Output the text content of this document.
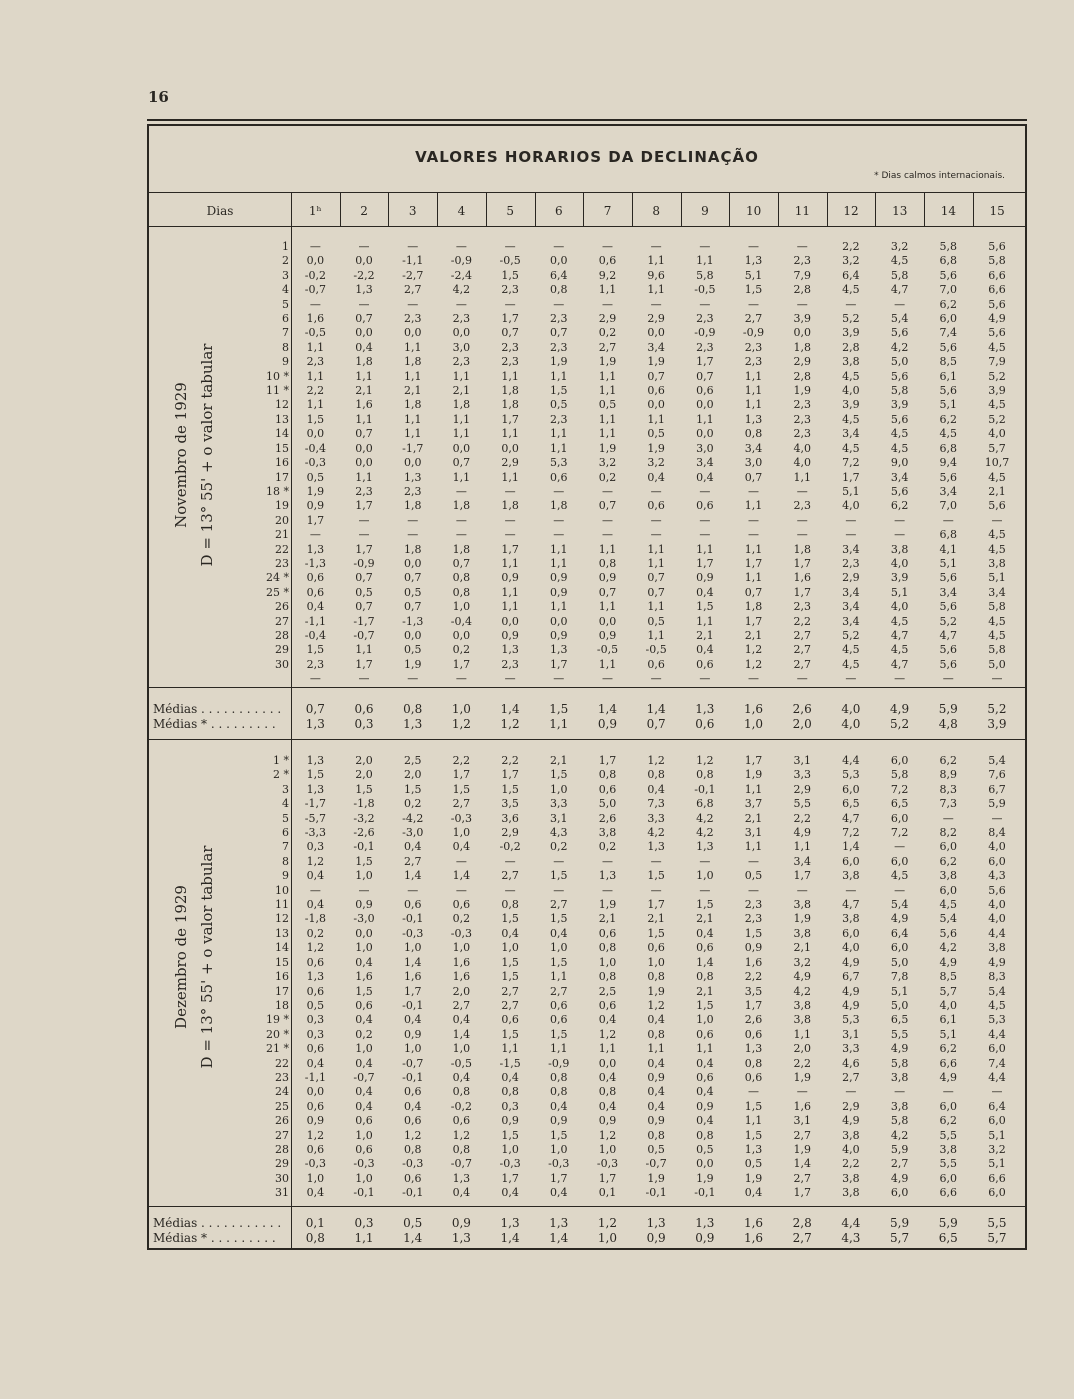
16
VALORES HORARIOS DA DECLINAÇÃO
* Dias calmos internacionais.
Dias	1ʰ	2	3	4	5	6	7	8	9	10	11	12	13	14	15
Novembro de 1929 D = 13° 55' + o valor tabular
Dezembro de 1929 D = 13° 55' + o valor tabular
1	—	—	—	—	—	—	—	—	—	—	—	2,2	3,2	5,8	5,6
2	0,0	0,0	-1,1	-0,9	-0,5	0,0	0,6	1,1	1,1	1,3	2,3	3,2	4,5	6,8	5,8
3	-0,2	-2,2	-2,7	-2,4	1,5	6,4	9,2	9,6	5,8	5,1	7,9	6,4	5,8	5,6	6,6
4	-0,7	1,3	2,7	4,2	2,3	0,8	1,1	1,1	-0,5	1,5	2,8	4,5	4,7	7,0	6,6
5	—	—	—	—	—	—	—	—	—	—	—	—	—	6,2	5,6
6	1,6	0,7	2,3	2,3	1,7	2,3	2,9	2,9	2,3	2,7	3,9	5,2	5,4	6,0	4,9
7	-0,5	0,0	0,0	0,0	0,7	0,7	0,2	0,0	-0,9	-0,9	0,0	3,9	5,6	7,4	5,6
8	1,1	0,4	1,1	3,0	2,3	2,3	2,7	3,4	2,3	2,3	1,8	2,8	4,2	5,6	4,5
9	2,3	1,8	1,8	2,3	2,3	1,9	1,9	1,9	1,7	2,3	2,9	3,8	5,0	8,5	7,9
10 *	1,1	1,1	1,1	1,1	1,1	1,1	1,1	0,7	0,7	1,1	2,8	4,5	5,6	6,1	5,2
11 *	2,2	2,1	2,1	2,1	1,8	1,5	1,1	0,6	0,6	1,1	1,9	4,0	5,8	5,6	3,9
12	1,1	1,6	1,8	1,8	1,8	0,5	0,5	0,0	0,0	1,1	2,3	3,9	3,9	5,1	4,5
13	1,5	1,1	1,1	1,1	1,7	2,3	1,1	1,1	1,1	1,3	2,3	4,5	5,6	6,2	5,2
14	0,0	0,7	1,1	1,1	1,1	1,1	1,1	0,5	0,0	0,8	2,3	3,4	4,5	4,5	4,0
15	-0,4	0,0	-1,7	0,0	0,0	1,1	1,9	1,9	3,0	3,4	4,0	4,5	4,5	6,8	5,7
16	-0,3	0,0	0,0	0,7	2,9	5,3	3,2	3,2	3,4	3,0	4,0	7,2	9,0	9,4	10,7
17	0,5	1,1	1,3	1,1	1,1	0,6	0,2	0,4	0,4	0,7	1,1	1,7	3,4	5,6	4,5
18 *	1,9	2,3	2,3	—	—	—	—	—	—	—	—	5,1	5,6	3,4	2,1
19	0,9	1,7	1,8	1,8	1,8	1,8	0,7	0,6	0,6	1,1	2,3	4,0	6,2	7,0	5,6
20	1,7	—	—	—	—	—	—	—	—	—	—	—	—	—	—
21	—	—	—	—	—	—	—	—	—	—	—	—	—	6,8	4,5
22	1,3	1,7	1,8	1,8	1,7	1,1	1,1	1,1	1,1	1,1	1,8	3,4	3,8	4,1	4,5
23	-1,3	-0,9	0,0	0,7	1,1	1,1	0,8	1,1	1,7	1,7	1,7	2,3	4,0	5,1	3,8
24 *	0,6	0,7	0,7	0,8	0,9	0,9	0,9	0,7	0,9	1,1	1,6	2,9	3,9	5,6	5,1
25 *	0,6	0,5	0,5	0,8	1,1	0,9	0,7	0,7	0,4	0,7	1,7	3,4	5,1	3,4	3,4
26	0,4	0,7	0,7	1,0	1,1	1,1	1,1	1,1	1,5	1,8	2,3	3,4	4,0	5,6	5,8
27	-1,1	-1,7	-1,3	-0,4	0,0	0,0	0,0	0,5	1,1	1,7	2,2	3,4	4,5	5,2	4,5
28	-0,4	-0,7	0,0	0,0	0,9	0,9	0,9	1,1	2,1	2,1	2,7	5,2	4,7	4,7	4,5
29	1,5	1,1	0,5	0,2	1,3	1,3	-0,5	-0,5	0,4	1,2	2,7	4,5	4,5	5,6	5,8
30	2,3	1,7	1,9	1,7	2,3	1,7	1,1	0,6	0,6	1,2	2,7	4,5	4,7	5,6	5,0
	—	—	—	—	—	—	—	—	—	—	—	—	—	—	—
Médias . . . . . . . . . . .	0,7	0,6	0,8	1,0	1,4	1,5	1,4	1,4	1,3	1,6	2,6	4,0	4,9	5,9	5,2
Médias * . . . . . . . . .	1,3	0,3	1,3	1,2	1,2	1,1	0,9	0,7	0,6	1,0	2,0	4,0	5,2	4,8	3,9
1 *	1,3	2,0	2,5	2,2	2,2	2,1	1,7	1,2	1,2	1,7	3,1	4,4	6,0	6,2	5,4
2 *	1,5	2,0	2,0	1,7	1,7	1,5	0,8	0,8	0,8	1,9	3,3	5,3	5,8	8,9	7,6
3	1,3	1,5	1,5	1,5	1,5	1,0	0,6	0,4	-0,1	1,1	2,9	6,0	7,2	8,3	6,7
4	-1,7	-1,8	0,2	2,7	3,5	3,3	5,0	7,3	6,8	3,7	5,5	6,5	6,5	7,3	5,9
5	-5,7	-3,2	-4,2	-0,3	3,6	3,1	2,6	3,3	4,2	2,1	2,2	4,7	6,0	—	—
6	-3,3	-2,6	-3,0	1,0	2,9	4,3	3,8	4,2	4,2	3,1	4,9	7,2	7,2	8,2	8,4
7	0,3	-0,1	0,4	0,4	-0,2	0,2	0,2	1,3	1,3	1,1	1,1	1,4	—	6,0	4,0
8	1,2	1,5	2,7	—	—	—	—	—	—	—	3,4	6,0	6,0	6,2	6,0
9	0,4	1,0	1,4	1,4	2,7	1,5	1,3	1,5	1,0	0,5	1,7	3,8	4,5	3,8	4,3
10	—	—	—	—	—	—	—	—	—	—	—	—	—	6,0	5,6
11	0,4	0,9	0,6	0,6	0,8	2,7	1,9	1,7	1,5	2,3	3,8	4,7	5,4	4,5	4,0
12	-1,8	-3,0	-0,1	0,2	1,5	1,5	2,1	2,1	2,1	2,3	1,9	3,8	4,9	5,4	4,0
13	0,2	0,0	-0,3	-0,3	0,4	0,4	0,6	1,5	0,4	1,5	3,8	6,0	6,4	5,6	4,4
14	1,2	1,0	1,0	1,0	1,0	1,0	0,8	0,6	0,6	0,9	2,1	4,0	6,0	4,2	3,8
15	0,6	0,4	1,4	1,6	1,5	1,5	1,0	1,0	1,4	1,6	3,2	4,9	5,0	4,9	4,9
16	1,3	1,6	1,6	1,6	1,5	1,1	0,8	0,8	0,8	2,2	4,9	6,7	7,8	8,5	8,3
17	0,6	1,5	1,7	2,0	2,7	2,7	2,5	1,9	2,1	3,5	4,2	4,9	5,1	5,7	5,4
18	0,5	0,6	-0,1	2,7	2,7	0,6	0,6	1,2	1,5	1,7	3,8	4,9	5,0	4,0	4,5
19 *	0,3	0,4	0,4	0,4	0,6	0,6	0,4	0,4	1,0	2,6	3,8	5,3	6,5	6,1	5,3
20 *	0,3	0,2	0,9	1,4	1,5	1,5	1,2	0,8	0,6	0,6	1,1	3,1	5,5	5,1	4,4
21 *	0,6	1,0	1,0	1,0	1,1	1,1	1,1	1,1	1,1	1,3	2,0	3,3	4,9	6,2	6,0
22	0,4	0,4	-0,7	-0,5	-1,5	-0,9	0,0	0,4	0,4	0,8	2,2	4,6	5,8	6,6	7,4
23	-1,1	-0,7	-0,1	0,4	0,4	0,8	0,4	0,9	0,6	0,6	1,9	2,7	3,8	4,9	4,4
24	0,0	0,4	0,6	0,8	0,8	0,8	0,8	0,4	0,4	—	—	—	—	—	—
25	0,6	0,4	0,4	-0,2	0,3	0,4	0,4	0,4	0,9	1,5	1,6	2,9	3,8	6,0	6,4
26	0,9	0,6	0,6	0,6	0,9	0,9	0,9	0,9	0,4	1,1	3,1	4,9	5,8	6,2	6,0
27	1,2	1,0	1,2	1,2	1,5	1,5	1,2	0,8	0,8	1,5	2,7	3,8	4,2	5,5	5,1
28	0,6	0,6	0,8	0,8	1,0	1,0	1,0	0,5	0,5	1,3	1,9	4,0	5,9	3,8	3,2
29	-0,3	-0,3	-0,3	-0,7	-0,3	-0,3	-0,3	-0,7	0,0	0,5	1,4	2,2	2,7	5,5	5,1
30	1,0	1,0	0,6	1,3	1,7	1,7	1,7	1,9	1,9	1,9	2,7	3,8	4,9	6,0	6,6
31	0,4	-0,1	-0,1	0,4	0,4	0,4	0,1	-0,1	-0,1	0,4	1,7	3,8	6,0	6,6	6,0
Médias . . . . . . . . . . .	0,1	0,3	0,5	0,9	1,3	1,3	1,2	1,3	1,3	1,6	2,8	4,4	5,9	5,9	5,5
Médias * . . . . . . . . .	0,8	1,1	1,4	1,3	1,4	1,4	1,0	0,9	0,9	1,6	2,7	4,3	5,7	6,5	5,7
